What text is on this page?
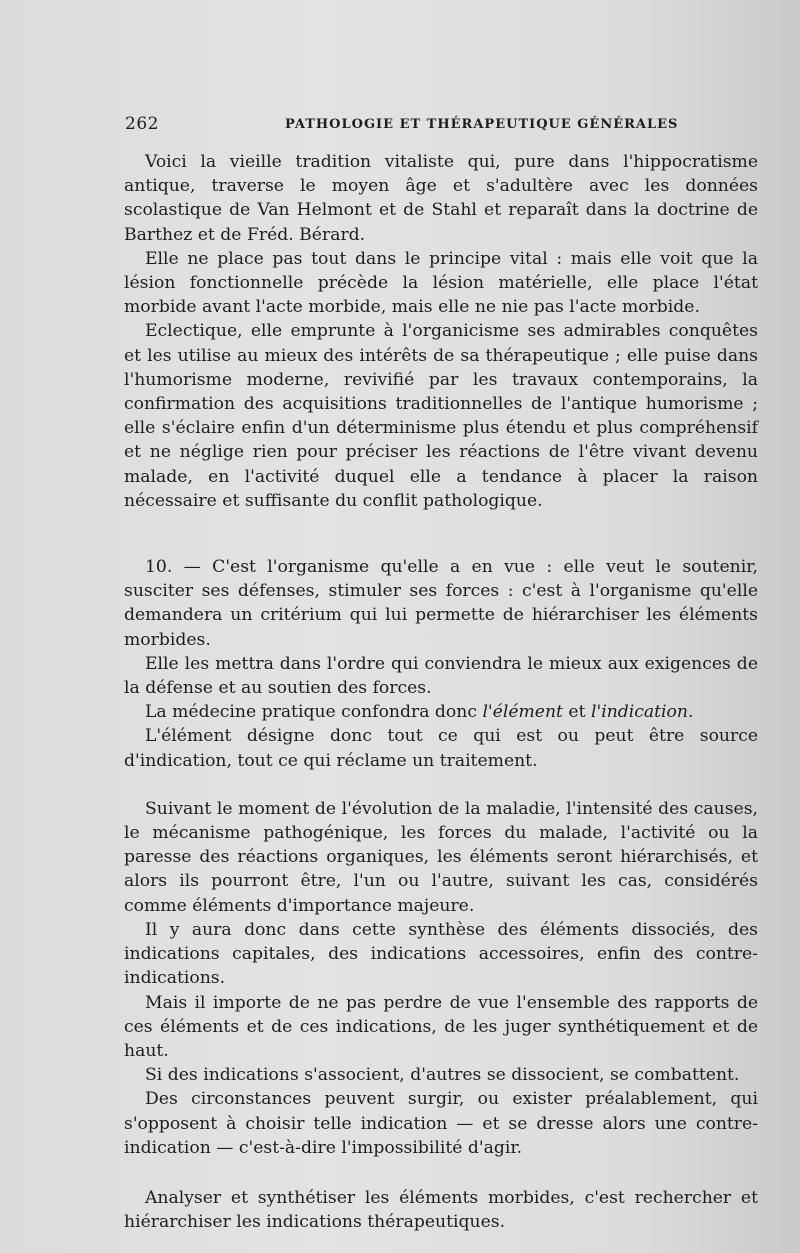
262	PATHOLOGIE ET THÉRAPEUTIQUE GÉNÉRALES

Voici la vieille tradition vitaliste qui, pure dans l'hippocratisme antique, traverse le moyen âge et s'adultère avec les données scolastique de Van Helmont et de Stahl et reparaît dans la doctrine de Barthez et de Fréd. Bérard.

Elle ne place pas tout dans le principe vital : mais elle voit que la lésion fonctionnelle précède la lésion matérielle, elle place l'état morbide avant l'acte morbide, mais elle ne nie pas l'acte morbide.

Eclectique, elle emprunte à l'organicisme ses admirables conquêtes et les utilise au mieux des intérêts de sa thérapeutique ; elle puise dans l'humorisme moderne, revivifié par les travaux contemporains, la confirmation des acquisitions traditionnelles de l'antique humorisme ; elle s'éclaire enfin d'un déterminisme plus étendu et plus compréhensif et ne néglige rien pour préciser les réactions de l'être vivant devenu malade, en l'activité duquel elle a tendance à placer la raison nécessaire et suffisante du conflit pathologique.

10. — C'est l'organisme qu'elle a en vue : elle veut le soutenir, susciter ses défenses, stimuler ses forces : c'est à l'organisme qu'elle demandera un critérium qui lui permette de hiérarchiser les éléments morbides.

Elle les mettra dans l'ordre qui conviendra le mieux aux exigences de la défense et au soutien des forces.

La médecine pratique confondra donc l'élément et l'indication.

L'élément désigne donc tout ce qui est ou peut être source d'indication, tout ce qui réclame un traitement.

Suivant le moment de l'évolution de la maladie, l'intensité des causes, le mécanisme pathogénique, les forces du malade, l'activité ou la paresse des réactions organiques, les éléments seront hiérarchisés, et alors ils pourront être, l'un ou l'autre, suivant les cas, considérés comme éléments d'importance majeure.

Il y aura donc dans cette synthèse des éléments dissociés, des indications capitales, des indications accessoires, enfin des contre-indications.

Mais il importe de ne pas perdre de vue l'ensemble des rapports de ces éléments et de ces indications, de les juger synthétiquement et de haut.

Si des indications s'associent, d'autres se dissocient, se combattent.

Des circonstances peuvent surgir, ou exister préalablement, qui s'opposent à choisir telle indication — et se dresse alors une contre-indication — c'est-à-dire l'impossibilité d'agir.

Analyser et synthétiser les éléments morbides, c'est rechercher et hiérarchiser les indications thérapeutiques.
